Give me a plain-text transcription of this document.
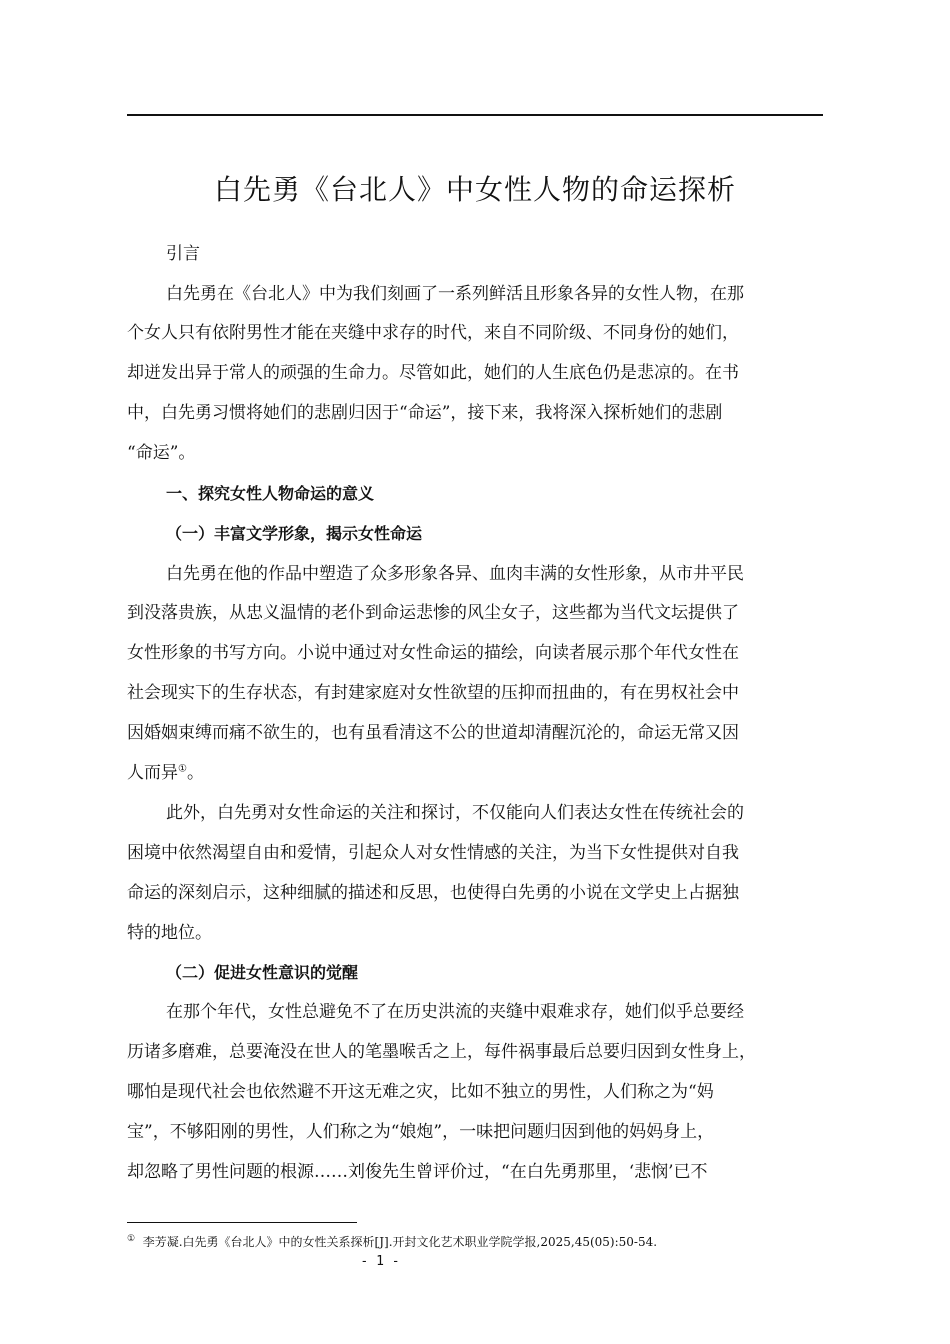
白先勇《台北人》中女性人物的命运探析
引言
白先勇在《台北人》中为我们刻画了一系列鲜活且形象各异的女性人物，在那
个女人只有依附男性才能在夹缝中求存的时代，来自不同阶级、不同身份的她们，
却迸发出异于常人的顽强的生命力。尽管如此，她们的人生底色仍是悲凉的。在书
中，白先勇习惯将她们的悲剧归因于“命运”，接下来，我将深入探析她们的悲剧
“命运”。
一、探究女性人物命运的意义
（一）丰富文学形象，揭示女性命运
白先勇在他的作品中塑造了众多形象各异、血肉丰满的女性形象，从市井平民
到没落贵族，从忠义温情的老仆到命运悲惨的风尘女子，这些都为当代文坛提供了
女性形象的书写方向。小说中通过对女性命运的描绘，向读者展示那个年代女性在
社会现实下的生存状态，有封建家庭对女性欲望的压抑而扭曲的，有在男权社会中
因婚姻束缚而痛不欲生的，也有虽看清这不公的世道却清醒沉沦的，命运无常又因
人而异①。
此外，白先勇对女性命运的关注和探讨，不仅能向人们表达女性在传统社会的
困境中依然渴望自由和爱情，引起众人对女性情感的关注，为当下女性提供对自我
命运的深刻启示，这种细腻的描述和反思，也使得白先勇的小说在文学史上占据独
特的地位。
（二）促进女性意识的觉醒
在那个年代，女性总避免不了在历史洪流的夹缝中艰难求存，她们似乎总要经
历诸多磨难，总要淹没在世人的笔墨喉舌之上，每件祸事最后总要归因到女性身上，
哪怕是现代社会也依然避不开这无难之灾，比如不独立的男性，人们称之为“妈
宝”，不够阳刚的男性，人们称之为“娘炮”，一味把问题归因到他的妈妈身上，
却忽略了男性问题的根源……刘俊先生曾评价过，“在白先勇那里，‘悲悯’已不
① 李芳凝.白先勇《台北人》中的女性关系探析[J].开封文化艺术职业学院学报,2025,45(05):50-54.
- 1 -
